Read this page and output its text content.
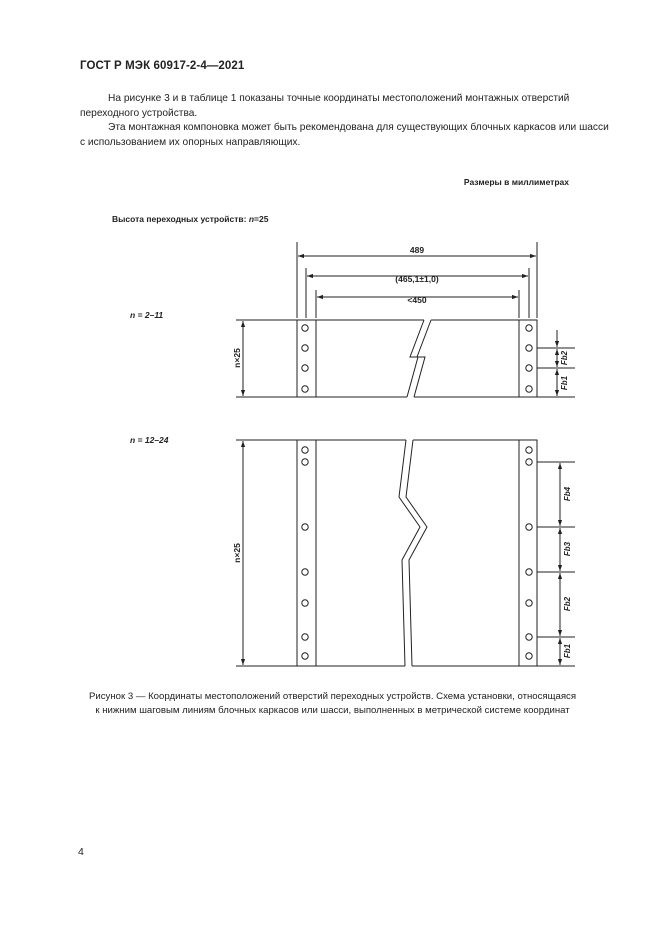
ГОСТ Р МЭК 60917-2-4—2021

На рисунке 3 и в таблице 1 показаны точные координаты местоположений монтажных отверстий переходного устройства.

Эта монтажная компоновка может быть рекомендована для существующих блочных каркасов или шасси с использованием их опорных направляющих.

Размеры в миллиметрах
Высота переходных устройств: n=25
489
(465,1±1,0)
<450
n = 2–11
n = 12–24
n×25
n×25
Fb2
Fb1
Fb4
Fb3
Fb2
Fb1
Рисунок 3 — Координаты местоположений отверстий переходных устройств. Схема установки, относящаяся
к нижним шаговым линиям блочных каркасов или шасси, выполненных в метрической системе координат
4
